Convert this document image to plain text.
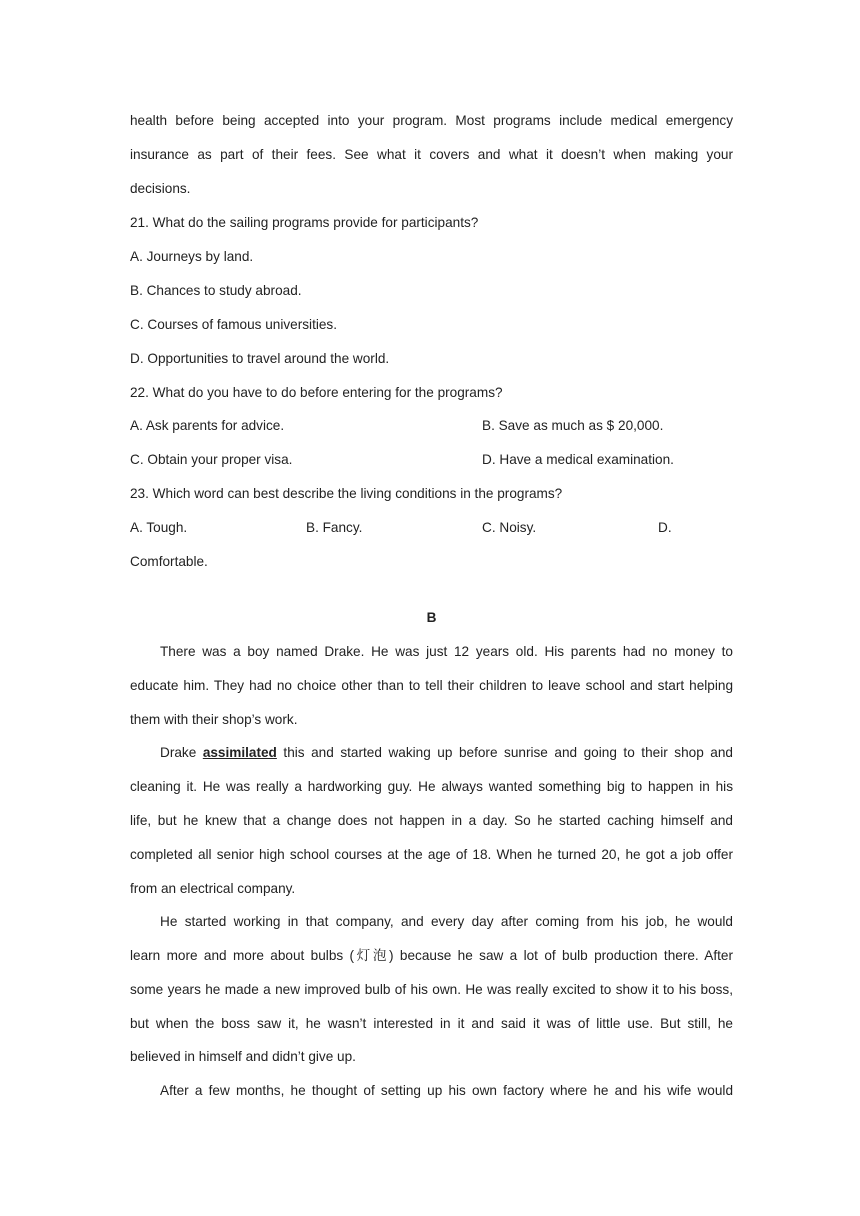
health before being accepted into your program. Most programs include medical emergency
insurance as part of their fees. See what it covers and what it doesn’t when making your
decisions.
21. What do the sailing programs provide for participants?
A. Journeys by land.
B. Chances to study abroad.
C. Courses of famous universities.
D. Opportunities to travel around the world.
22. What do you have to do before entering for the programs?
A. Ask parents for advice.	B. Save as much as $ 20,000.
C. Obtain your proper visa.	D. Have a medical examination.
23. Which word can best describe the living conditions in the programs?
A. Tough.	B. Fancy.	C. Noisy.	D.
Comfortable.
B
There was a boy named Drake. He was just 12 years old. His parents had no money to
educate him. They had no choice other than to tell their children to leave school and start helping
them with their shop’s work.
Drake assimilated this and started waking up before sunrise and going to their shop and
cleaning it. He was really a hardworking guy. He always wanted something big to happen in his
life, but he knew that a change does not happen in a day. So he started caching himself and
completed all senior high school courses at the age of 18. When he turned 20, he got a job offer
from an electrical company.
He started working in that company, and every day after coming from his job, he would
learn more and more about bulbs (灯泡) because he saw a lot of bulb production there. After
some years he made a new improved bulb of his own. He was really excited to show it to his boss,
but when the boss saw it, he wasn’t interested in it and said it was of little use. But still, he
believed in himself and didn’t give up.
After a few months, he thought of setting up his own factory where he and his wife would
